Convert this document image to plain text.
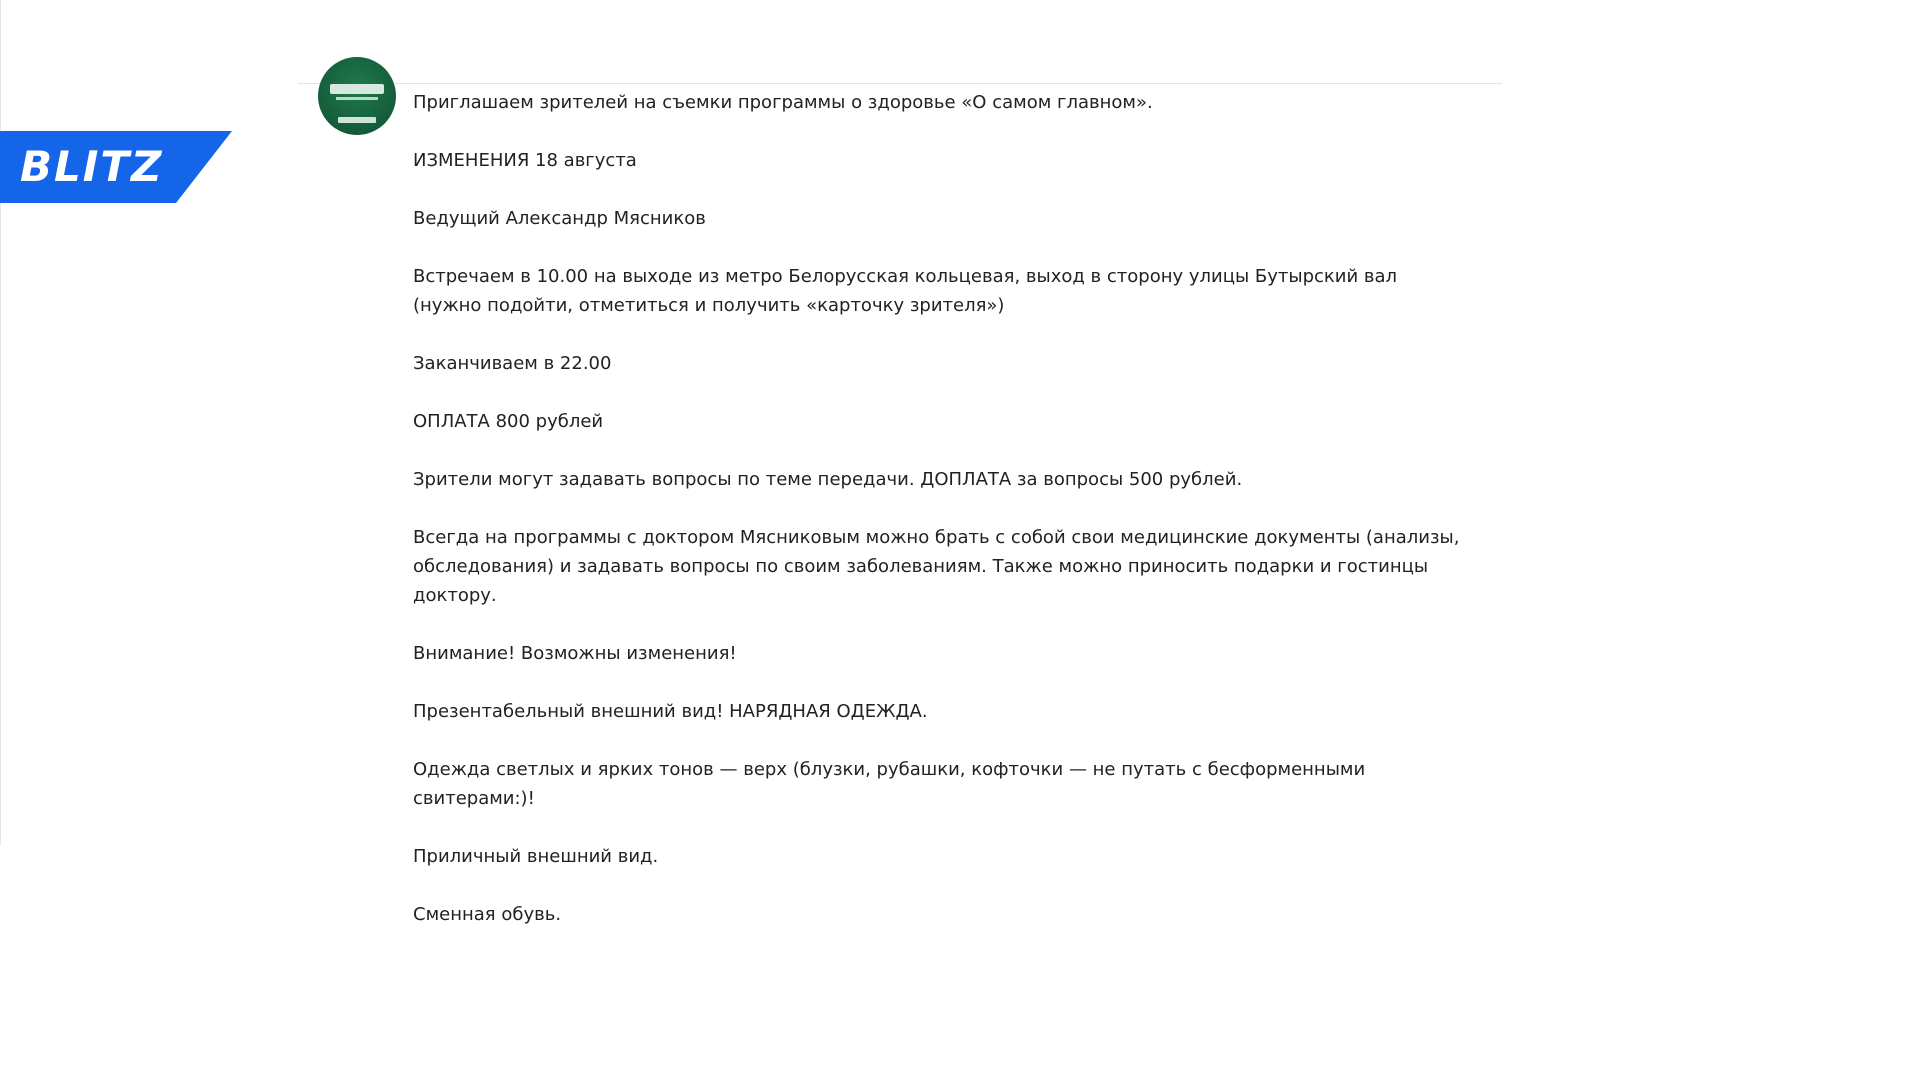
BLITZ

Приглашаем зрителей на съемки программы о здоровье «О самом главном».

ИЗМЕНЕНИЯ 18 августа

Ведущий Александр Мясников

Встречаем в 10.00 на выходе из метро Белорусская кольцевая, выход в сторону улицы Бутырский вал (нужно подойти, отметиться и получить «карточку зрителя»)

Заканчиваем в 22.00

ОПЛАТА 800 рублей

Зрители могут задавать вопросы по теме передачи. ДОПЛАТА за вопросы 500 рублей.

Всегда на программы с доктором Мясниковым можно брать с собой свои медицинские документы (анализы, обследования) и задавать вопросы по своим заболеваниям. Также можно приносить подарки и гостинцы доктору.

Внимание! Возможны изменения!

Презентабельный внешний вид! НАРЯДНАЯ ОДЕЖДА.

Одежда светлых и ярких тонов — верх (блузки, рубашки, кофточки — не путать с бесформенными свитерами:)!

Приличный внешний вид.

Сменная обувь.
